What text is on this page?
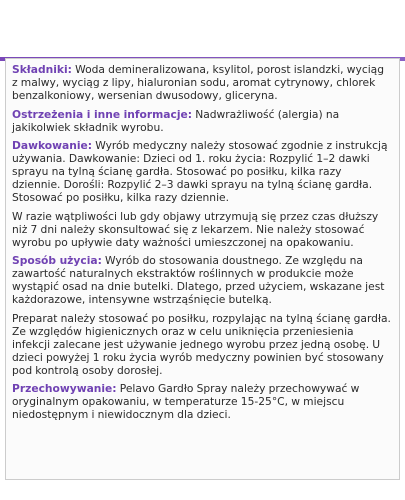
Składniki: Woda demineralizowana, ksylitol, porost islandzki, wyciąg z malwy, wyciąg z lipy, hialuronian sodu, aromat cytrynowy, chlorek benzalkoniowy, wersenian dwusodowy, gliceryna.

Ostrzeżenia i inne informacje: Nadwrażliwość (alergia) na jakikolwiek składnik wyrobu.

Dawkowanie: Wyrób medyczny należy stosować zgodnie z instrukcją używania. Dawkowanie: Dzieci od 1. roku życia: Rozpylić 1–2 dawki sprayu na tylną ścianę gardła. Stosować po posiłku, kilka razy dziennie. Dorośli: Rozpylić 2–3 dawki sprayu na tylną ścianę gardła. Stosować po posiłku, kilka razy dziennie.

W razie wątpliwości lub gdy objawy utrzymują się przez czas dłuższy niż 7 dni należy skonsultować się z lekarzem. Nie należy stosować wyrobu po upływie daty ważności umieszczonej na opakowaniu.

Sposób użycia: Wyrób do stosowania doustnego. Ze względu na zawartość naturalnych ekstraktów roślinnych w produkcie może wystąpić osad na dnie butelki. Dlatego, przed użyciem, wskazane jest każdorazowe, intensywne wstrząśnięcie butelką.

Preparat należy stosować po posiłku, rozpylając na tylną ścianę gardła. Ze względów higienicznych oraz w celu uniknięcia przeniesienia infekcji zalecane jest używanie jednego wyrobu przez jedną osobę. U dzieci powyżej 1 roku życia wyrób medyczny powinien być stosowany pod kontrolą osoby dorosłej.

Przechowywanie: Pelavo Gardło Spray należy przechowywać w oryginalnym opakowaniu, w temperaturze 15-25°C, w miejscu niedostępnym i niewidocznym dla dzieci.
